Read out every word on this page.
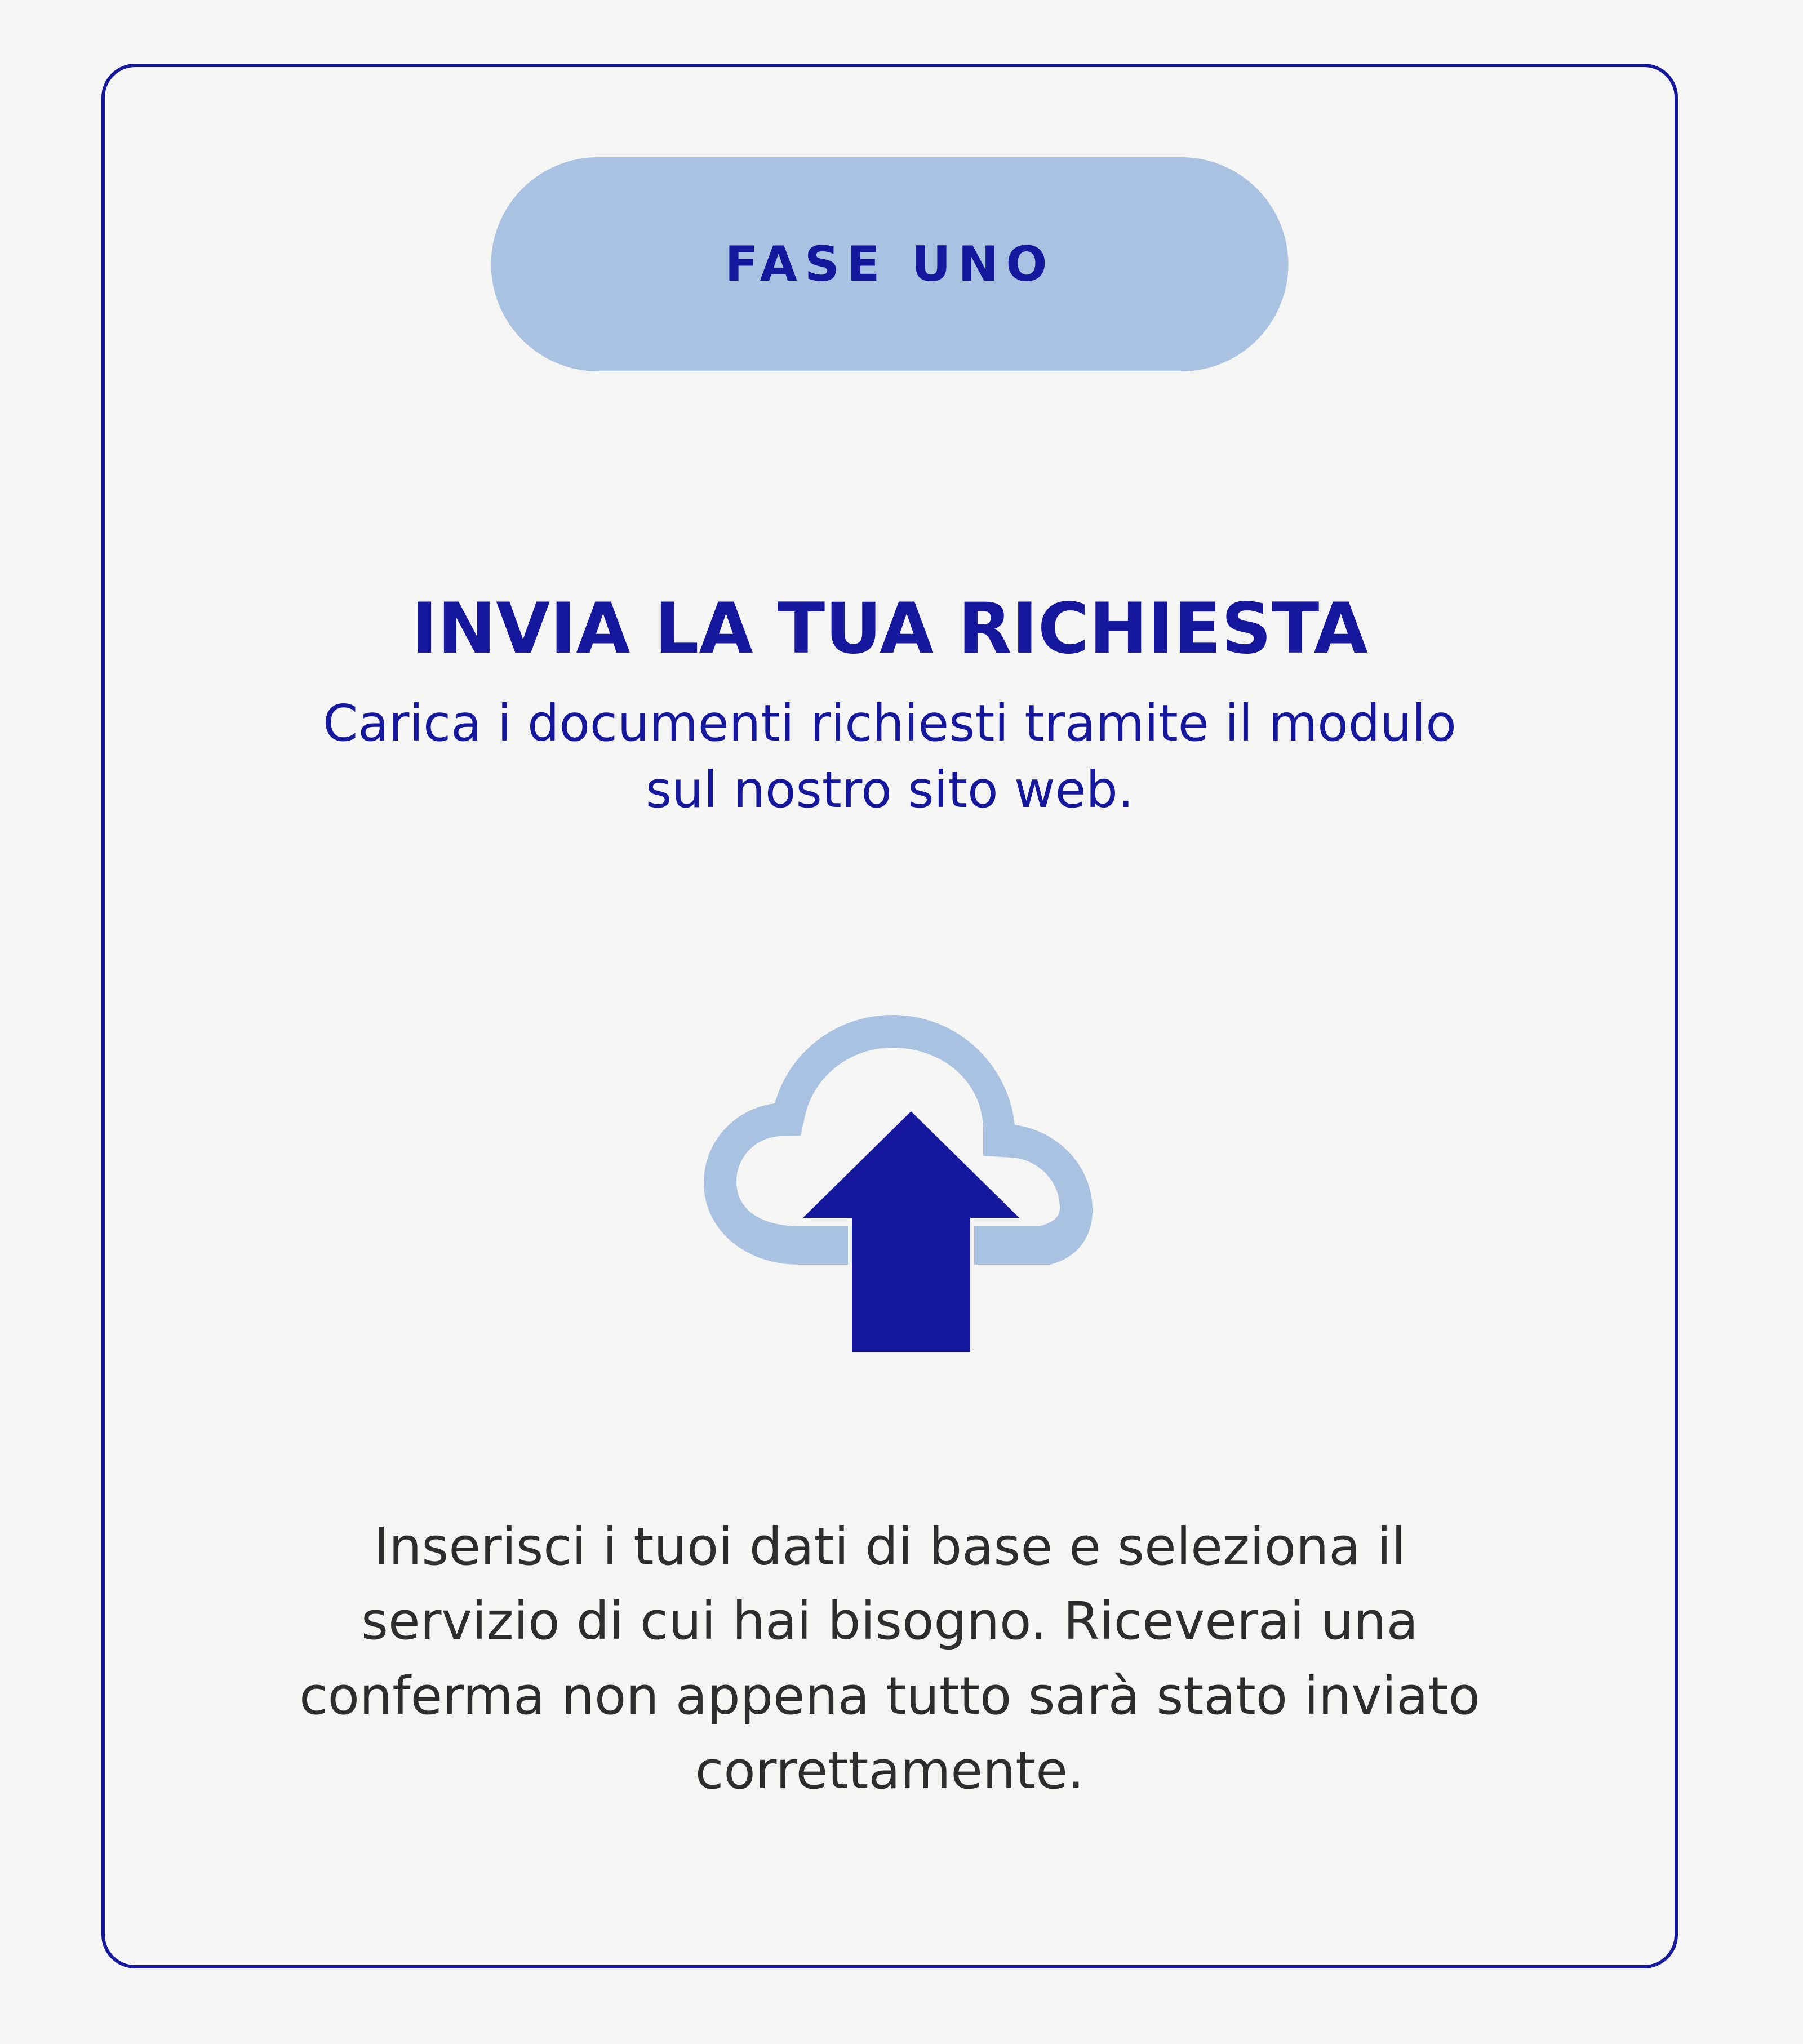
FASE UNO
INVIA LA TUA RICHIESTA
Carica i documenti richiesti tramite il modulo sul nostro sito web.
Inserisci i tuoi dati di base e seleziona il servizio di cui hai bisogno. Riceverai una conferma non appena tutto sarà stato inviato correttamente.
